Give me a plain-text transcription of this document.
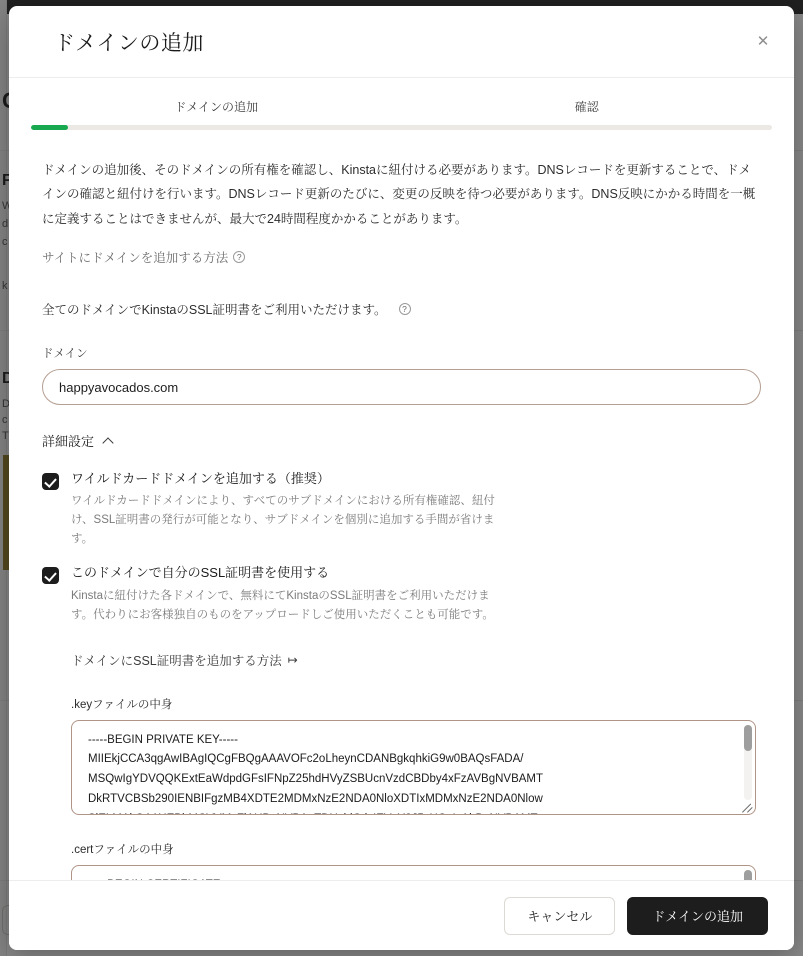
ドメインの追加	✕
ドメインの追加	確認
ドメインの追加後、そのドメインの所有権を確認し、Kinstaに紐付ける必要があります。DNSレコードを更新することで、ドメインの確認と紐付けを行います。DNSレコード更新のたびに、変更の反映を待つ必要があります。DNS反映にかかる時間を一概に定義することはできませんが、最大で24時間程度かかることがあります。
サイトにドメインを追加する方法	?
全てのドメインでKinstaのSSL証明書をご利用いただけます。	?
ドメイン
happyavocados.com
詳細設定
ワイルドカードドメインを追加する（推奨）
ワイルドカードドメインにより、すべてのサブドメインにおける所有権確認、紐付け、SSL証明書の発行が可能となり、サブドメインを個別に追加する手間が省けます。
このドメインで自分のSSL証明書を使用する
Kinstaに紐付けた各ドメインで、無料にてKinstaのSSL証明書をご利用いただけます。代わりにお客様独自のものをアップロードしご使用いただくことも可能です。
ドメインにSSL証明書を追加する方法 ↦
.keyファイルの中身
-----BEGIN PRIVATE KEY----- MIIEkjCCA3qgAwIBAgIQCgFBQgAAAVOFc2oLheynCDANBgkqhkiG9w0BAQsFADA/ MSQwIgYDVQQKExtEaWdpdGFsIFNpZ25hdHVyZSBUcnVzdCBDby4xFzAVBgNVBAMT DkRTVCBSb290IENBIFgzMB4XDTE2MDMxNzE2NDA0NloXDTIxMDMxNzE2NDA0Nlow SjELMAkGA1UEBhMCVVMxFjAUBgNVBAoTDUxldCdzIEVuY3J5cHQxIzAhBgNVBAMT
.certファイルの中身
-----BEGIN CERTIFICATE----- MIIFBzCCA++gAwIBAgISA2WBddH8lX8yOyFYRPACTQjjMA0GCSqGSIb3DQEBCwUA MEoxCzAJBgNVBAYTAIVTMRYwFAYDVQQKEw1MZXQncyBFbmNyeXB0MSMwIQYDVQQD ExpMZXQncyBFbmNyeXB0IEF1dGhvcml0eSBYMzAeFw0xODAxMjgwODAxNTFaFw0x ODA0MjgwODAxNTFaMBUxEzARBgNVBAMTCnRob3JpeSSib20wggEiMA0GCSqGSIb3
キャンセル	ドメインの追加
